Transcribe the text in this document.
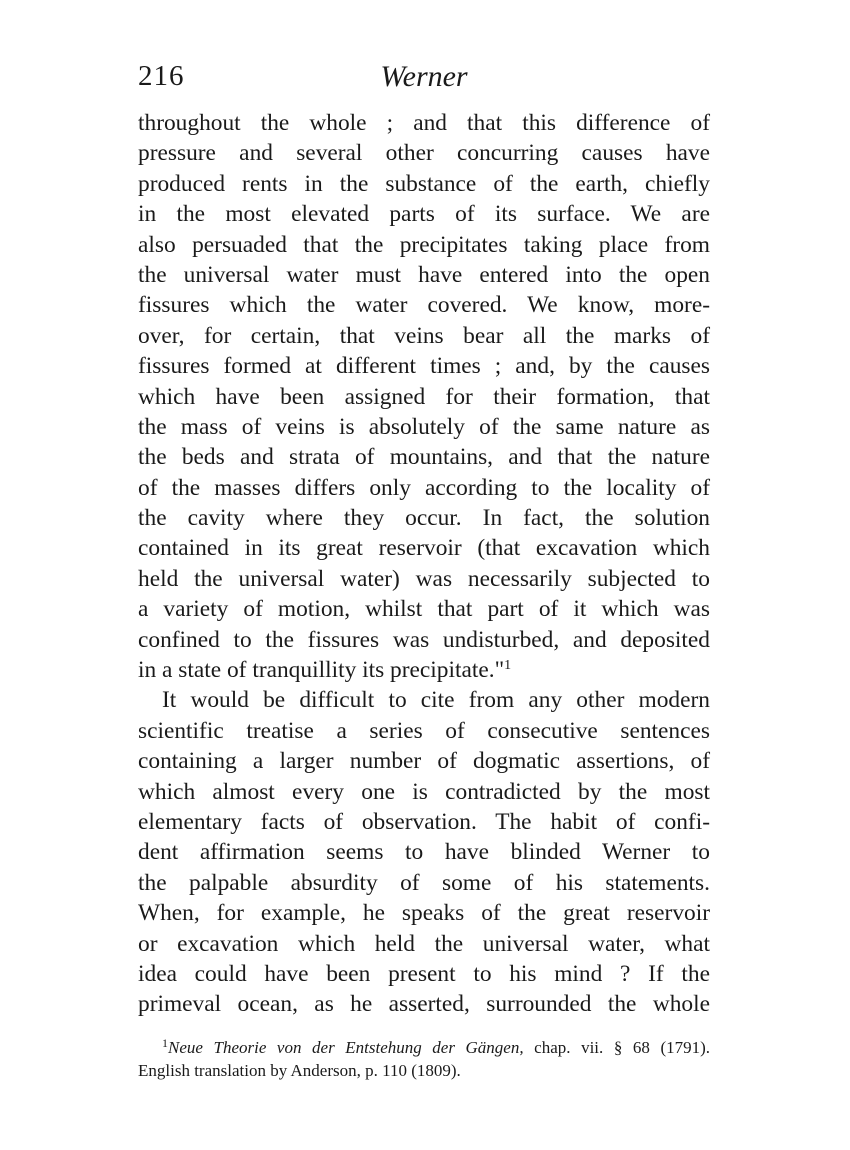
216	Werner
throughout the whole ; and that this difference of
pressure and several other concurring causes have
produced rents in the substance of the earth, chiefly
in the most elevated parts of its surface. We are
also persuaded that the precipitates taking place from
the universal water must have entered into the open
fissures which the water covered. We know, more-
over, for certain, that veins bear all the marks of
fissures formed at different times ; and, by the causes
which have been assigned for their formation, that
the mass of veins is absolutely of the same nature as
the beds and strata of mountains, and that the nature
of the masses differs only according to the locality of
the cavity where they occur. In fact, the solution
contained in its great reservoir (that excavation which
held the universal water) was necessarily subjected to
a variety of motion, whilst that part of it which was
confined to the fissures was undisturbed, and deposited
in a state of tranquillity its precipitate."$^1$
It would be difficult to cite from any other modern
scientific treatise a series of consecutive sentences
containing a larger number of dogmatic assertions, of
which almost every one is contradicted by the most
elementary facts of observation. The habit of confi-
dent affirmation seems to have blinded Werner to
the palpable absurdity of some of his statements.
When, for example, he speaks of the great reservoir
or excavation which held the universal water, what
idea could have been present to his mind ? If the
primeval ocean, as he asserted, surrounded the whole
$^1$Neue Theorie von der Entstehung der Gängen, chap. vii. § 68 (1791).
English translation by Anderson, p. 110 (1809).
